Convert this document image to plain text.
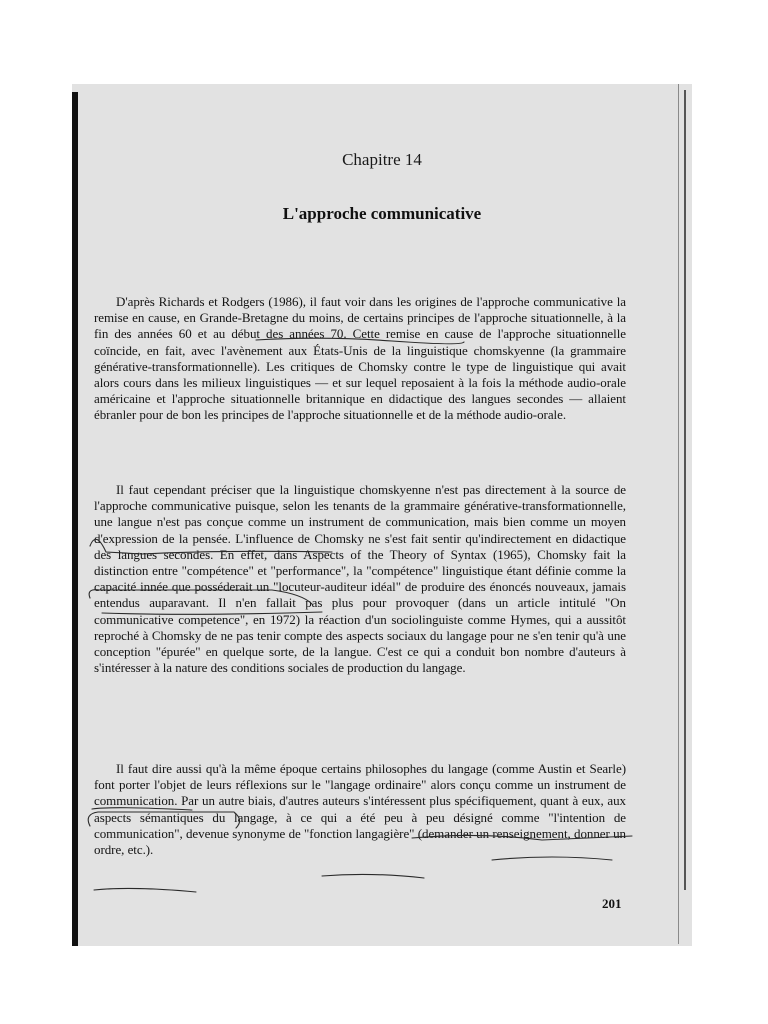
Chapitre 14
L'approche communicative

D'après Richards et Rodgers (1986), il faut voir dans les origines de l'approche communicative la remise en cause, en Grande-Bretagne du moins, de certains principes de l'approche situationnelle, à la fin des années 60 et au début des années 70. Cette remise en cause de l'approche situationnelle coïncide, en fait, avec l'avènement aux États-Unis de la linguistique chomskyenne (la grammaire générative-transformationnelle). Les critiques de Chomsky contre le type de linguistique qui avait alors cours dans les milieux linguistiques — et sur lequel reposaient à la fois la méthode audio-orale américaine et l'approche situationnelle britannique en didactique des langues secondes — allaient ébranler pour de bon les principes de l'approche situationnelle et de la méthode audio-orale.

Il faut cependant préciser que la linguistique chomskyenne n'est pas directement à la source de l'approche communicative puisque, selon les tenants de la grammaire générative-transformationnelle, une langue n'est pas conçue comme un instrument de communication, mais bien comme un moyen d'expression de la pensée. L'influence de Chomsky ne s'est fait sentir qu'indirectement en didactique des langues secondes. En effet, dans Aspects of the Theory of Syntax (1965), Chomsky fait la distinction entre "compétence" et "performance", la "compétence" linguistique étant définie comme la capacité innée que posséderait un "locuteur-auditeur idéal" de produire des énoncés nouveaux, jamais entendus auparavant. Il n'en fallait pas plus pour provoquer (dans un article intitulé "On communicative competence", en 1972) la réaction d'un sociolinguiste comme Hymes, qui a aussitôt reproché à Chomsky de ne pas tenir compte des aspects sociaux du langage pour ne s'en tenir qu'à une conception "épurée" en quelque sorte, de la langue. C'est ce qui a conduit bon nombre d'auteurs à s'intéresser à la nature des conditions sociales de production du langage.

Il faut dire aussi qu'à la même époque certains philosophes du langage (comme Austin et Searle) font porter l'objet de leurs réflexions sur le "langage ordinaire" alors conçu comme un instrument de communication. Par un autre biais, d'autres auteurs s'intéressent plus spécifiquement, quant à eux, aux aspects sémantiques du langage, à ce qui a été peu à peu désigné comme "l'intention de communication", devenue synonyme de "fonction langagière" (demander un renseignement, donner un ordre, etc.).

201
